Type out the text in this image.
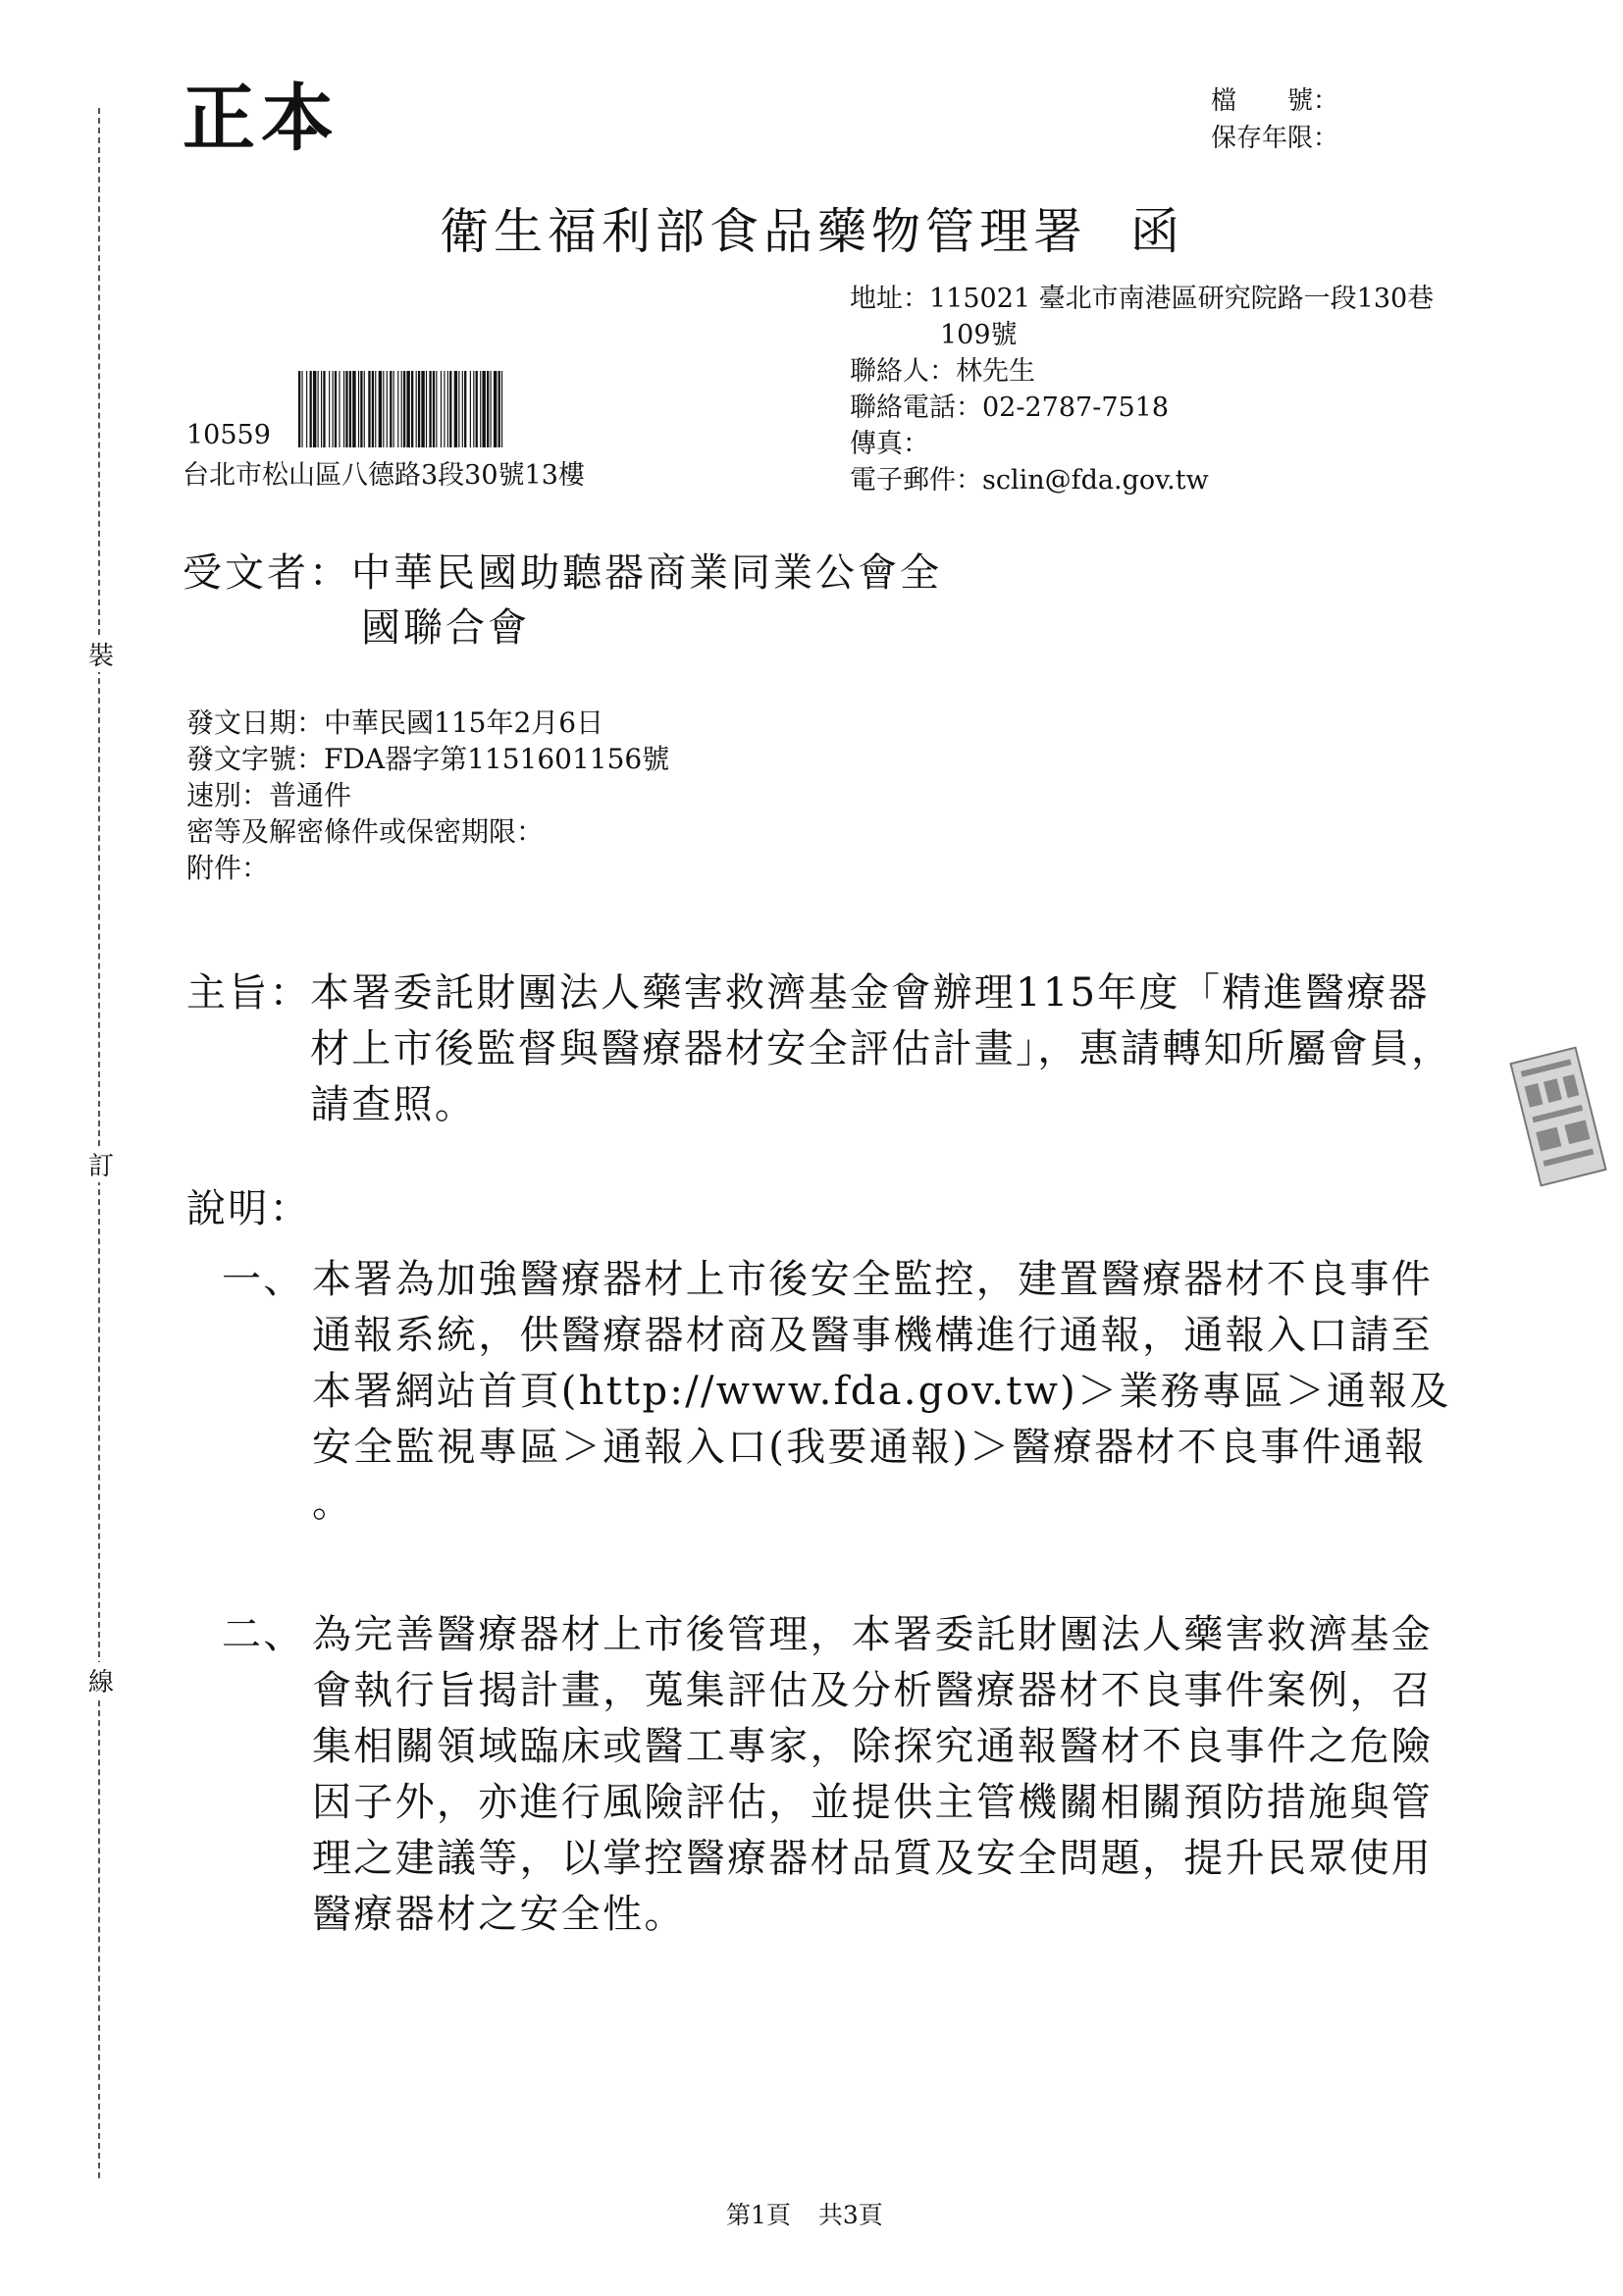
裝
訂
線
正本	檔　　號：
保存年限：
衛生福利部食品藥物管理署 函
地址：115021 臺北市南港區研究院路一段130巷
109號
聯絡人：林先生
聯絡電話：02-2787-7518
傳真：
電子郵件：sclin@fda.gov.tw
10559
台北市松山區八德路3段30號13樓
受文者：中華民國助聽器商業同業公會全
國聯合會
發文日期：中華民國115年2月6日
發文字號：FDA器字第1151601156號
速別：普通件
密等及解密條件或保密期限：
附件：
主旨： 本署委託財團法人藥害救濟基金會辦理115年度「精進醫療器材上市後監督與醫療器材安全評估計畫」，惠請轉知所屬會員，請查照。
說明：
一、 本署為加強醫療器材上市後安全監控，建置醫療器材不良事件通報系統，供醫療器材商及醫事機構進行通報，通報入口請至本署網站首頁(http://www.fda.gov.tw)＞業務專區＞通報及安全監視專區＞通報入口(我要通報)＞醫療器材不良事件通報 。
二、 為完善醫療器材上市後管理，本署委託財團法人藥害救濟基金會執行旨揭計畫，蒐集評估及分析醫療器材不良事件案例，召集相關領域臨床或醫工專家，除探究通報醫材不良事件之危險因子外，亦進行風險評估，並提供主管機關相關預防措施與管理之建議等，以掌控醫療器材品質及安全問題，提升民眾使用醫療器材之安全性。
第1頁 共3頁
